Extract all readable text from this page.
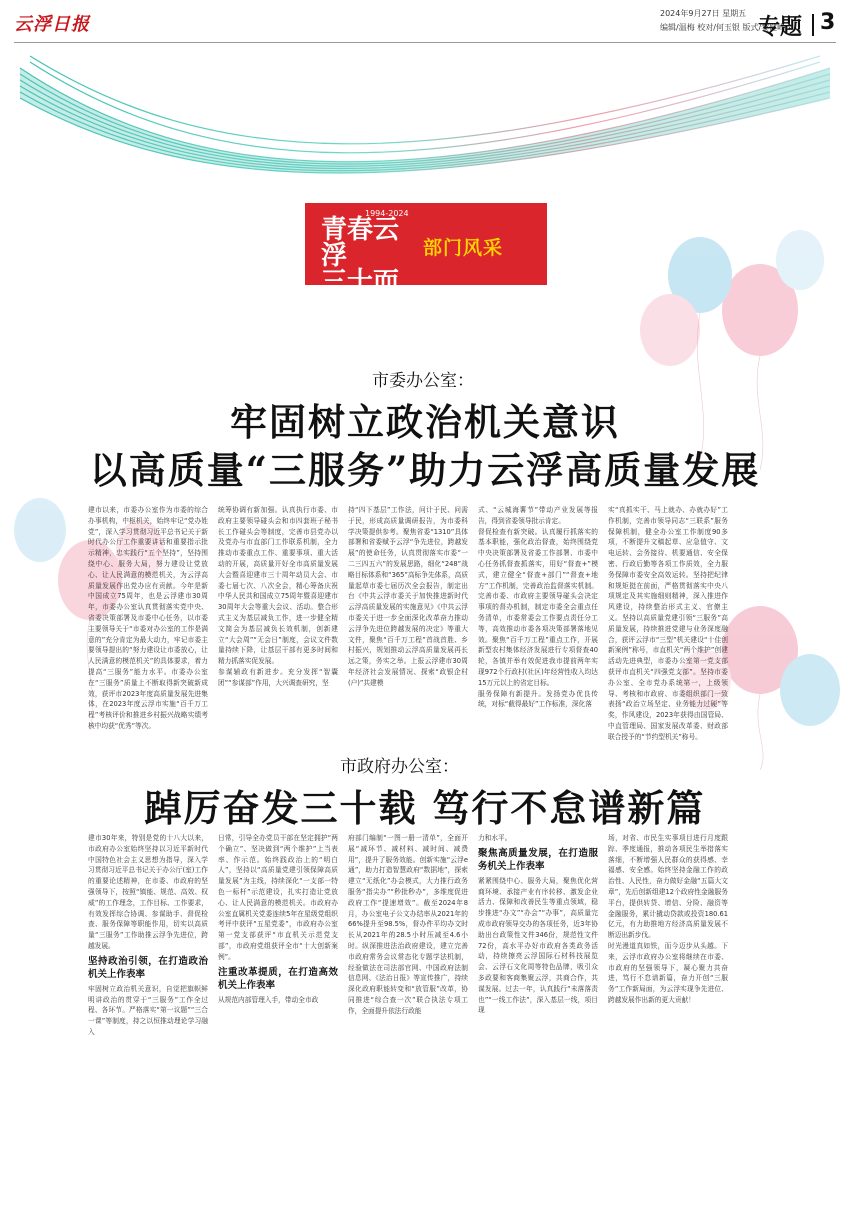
云浮日报
2024年9月27日 星期五
编辑/温梅 校对/何玉银 版式/黎健峰
专题 3
1994-2024
青春云浮
三十而励
部门风采
市委办公室：
牢固树立政治机关意识
以高质量“三服务”助力云浮高质量发展
建市以来，市委办公室作为市委的综合办事机构，中枢机关，始终牢记“党办姓党”，深入学习贯彻习近平总书记关于新时代办公厅工作重要讲话和重要指示批示精神，忠实践行“五个坚持”，坚持围绕中心、服务大局，努力建设让党放心、让人民满意的模范机关，为云浮高质量发展作出党办应有贡献。今年是新中国成立75周年，也是云浮建市30周年，市委办公室认真贯彻落实党中央、省委决策部署及市委中心任务，以市委主要领导关于“市委对办公室的工作是满意的”充分肯定为最大动力，牢记市委主要领导提出的“努力建设让市委放心，让人民满意的模范机关”的具体要求，着力提高“三服务”能力水平。市委办公室在“三服务”质量上不断取得新突破新成效，获评市2023年度高质量发展先进集体，在2023年度云浮市实施“百千万工程”考核评价和推进乡村振兴战略实绩考核中均获“优秀”等次。
统筹协调有新加强。认真执行市委、市政府主要领导碰头会和市四套班子秘书长工作碰头会等制度，完善市县党办以及党办与市直部门工作联系机制，全力推动市委重点工作、重要事项、重大活动的开展，高质量开好全市高质量发展大会暨喜迎建市三十周年动员大会、市委七届七次、八次全会，精心筹备庆祝中华人民共和国成立75周年暨喜迎建市30周年大会等重大会议、活动。整合形式主义为基层减负工作，进一步健全精文简会为基层减负长效机制，创新建立“大会周”“无会日”制度，会议文件数量持续下降，让基层干部有更多时间和精力抓落实促发展。
参谋辅政有新进步。充分发挥“智囊团”“参谋部”作用，大兴调查研究，坚
持“四下基层”工作法，问计于民、问需于民，形成高质量调研报告，为市委科学决策提供参考。聚焦省委“1310”具体部署和省委赋予云浮“争先进位，跨越发展”的使命任务，认真贯彻落实市委“一二三四五六”的发展思路，细化“248”战略目标体系和“365”高标争先体系，高质量起草市委七届历次全会报告，制定出台《中共云浮市委关于加快推进新时代云浮高质量发展的实施意见》《中共云浮市委关于进一步全面深化改革奋力推动云浮争先进位跨越发展的决定》等重大文件，聚焦“百千万工程”首战首胜、乡村振兴，规划推动云浮高质量发展再长远之策，务实之举。上报云浮建市30周年经济社会发展情况、探索“政银企村(户)”共建模
式、“云城海薯节”带动产业发展等报告，得到省委领导批示肯定。
督促检查有新突破。认真履行抓落实的基本职能，强化政治督查，始终围绕党中央决策部署及省委工作部署、市委中心任务抓督查抓落实，用好“督查+”模式，建立健全“督查+部门”“督查+地方”工作机制，完善政治监督落实机制。完善市委、市政府主要领导碰头会决定事项的督办机制，制定市委全会重点任务清单，市委常委会工作要点责任分工等，高效推动市委各项决策部署落地见效。聚焦“百千万工程”重点工作，开展新型农村集体经济发展进行专项督查40轮，各镇并举有效促进我市提前两年实现972个行政村(社区)年经营性收入均达15万元以上的省定目标。
服务保障有新提升。发扬党办优良传统，对标“截得最好”工作标准，深化落
实“真抓实干、马上就办、办就办好”工作机制，完善市领导同志“三联系”服务保障机制，健全办公室工作制度90多项，不断提升文稿起草、应急值守、文电运转、会务接待、机要通信、安全保密、行政后勤等各项工作质效，全力服务保障市委安全高效运转。坚持把纪律和规矩挺在前面，严格贯彻落实中央八项规定及其实施细则精神，深入推进作风建设，持续整治形式主义、官僚主义。坚持以高质量党建引领“三服务”高质量发展，持续推进党建与业务深度融合，获评云浮市“三型”机关建设“十佳创新案例”称号，市直机关“两个维护”创建活动先进典型，市委办公室第一党支部获评市直机关“四强党支部”。坚持市委办公室、全市党办系统第一，上级领导、考核和市政府、市委组织部门一致表扬“政治立场坚定、业务能力过硬”等奖，作风建设，2023年获得由国管局、中直管理局、国家发展改革委、财政部联合授予的“节约型机关”称号。
市政府办公室：
踔厉奋发三十载 笃行不怠谱新篇
建市30年来，特别是党的十八大以来，市政府办公室始终坚持以习近平新时代中国特色社会主义思想为指导，深入学习贯彻习近平总书记关于办公厅(室)工作的重要论述精神，在市委、市政府的坚强领导下，按照“镇能、规范、高效、权威”的工作理念，工作目标、工作要求，有效发挥综合协调、参谋助手、督促检查、服务保障等职能作用，切实以高质量“三服务”工作助推云浮争先进位，跨越发展。
坚持政治引领，在打造政治机关上作表率
牢固树立政治机关意识，自觉把旗帜鲜明讲政治的贯穿于“三服务”工作全过程、各环节。严格落实“第一议题”“三合一课”等制度，持之以恒推动理论学习融入
日常，引导全办党员干部在坚定拥护“两个确立”、坚决做到“两个维护”上当表率、作示范。始终践政治上的“明白人”，坚持以“高质量党建引领保障高质量发展”为主线，持续深化“一支部一特色一标杆”示范建设，扎实打造让党放心、让人民满意的模范机关。市政府办公室直属机关党委连续5年在星级党组织考评中获评“五星党委”，市政府办公室第一党支部获评“市直机关示范党支部”，市政府党组获评全市“十大创新案例”。
注重改革提质，在打造高效机关上作表率
从规范内部管理入手，带动全市政
府部门编制“一图一册一清单”，全面开展“减环节、减材料、减时间、减费用”，提升了服务效能。创新实施“云浮e通”，助力打造智慧政府“数据地”，探索建立“无纸化”办会模式，大力推行政务服务“指尖办”“秒批秒办”，多维度促进政府工作“提速增效”。截至2024年8月，办公室电子公文办结率从2021年的66%提升至98.5%，督办件平均办文时长从2021年的28.5小时压减至4.6小时。纵深推进法治政府建设，建立完善市政府常务会议常态化专题学法机制，经验做法在司法部官网、中国政府法制信息网、《法治日报》等宣传推广，持续深化政府职能转变和“放管服”改革，协同推进“综合查一次”联合执法专项工作，全面提升依法行政能
力和水平。
聚焦高质量发展，在打造服务机关上作表率
紧紧围绕中心、服务大局，聚焦优化营商环境、承接产业有序转移、激发企业活力、保障和改善民生等重点领域，稳步推进“办文”“办会”“办事”，高质量完成市政府领导交办的各项任务，近3年协助出台政策性文件346份，规范性文件72份，高水平办好市政府各类政务活动，持续擦亮云浮国际石材科技展览会、云浮石文化周等特色品牌，吸引众多政要和客商集聚云浮，共商合作，共谋发展。过去一年，认真践行“未落落责也”“一线工作法”，深入基层一线，项目现
场，对省、市民生实事项目进行月度跟踪、季度通报，推动各项民生举措落实落细，不断增强人民群众的获得感、幸福感、安全感。始终坚持金融工作的政治性、人民性，奋力做好金融“五篇大文章”，先后创新组建12个政府性金融服务平台，提供转贷、增信、分险、融资等金融服务，累计撬动贷款或投资180.61亿元，有力助推地方经济高质量发展不断迈出新步伐。
时光漫道真如铁，而今迈步从头越。下来，云浮市政府办公室将继续在市委、市政府的坚强领导下，凝心聚力共奋进，笃行不怠谱新篇，奋力开创“三服务”工作新局面，为云浮实现争先进位、跨越发展作出新的更大贡献！
